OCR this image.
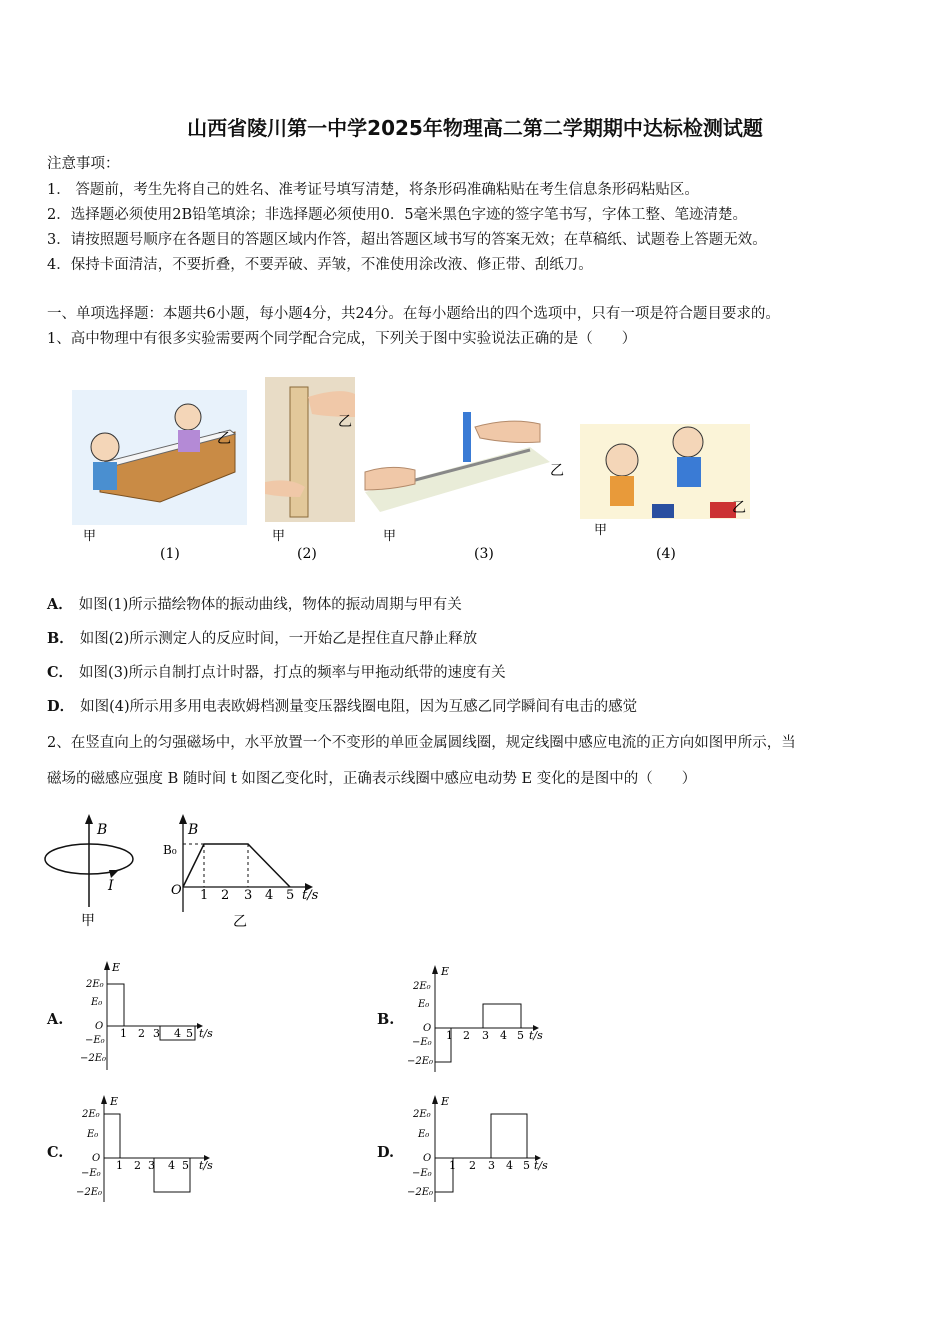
山西省陵川第一中学2025年物理高二第二学期期中达标检测试题
注意事项：
1． 答题前，考生先将自己的姓名、准考证号填写清楚，将条形码准确粘贴在考生信息条形码粘贴区。
2．选择题必须使用2B铅笔填涂；非选择题必须使用0．5毫米黑色字迹的签字笔书写，字体工整、笔迹清楚。
3．请按照题号顺序在各题目的答题区域内作答，超出答题区域书写的答案无效；在草稿纸、试题卷上答题无效。
4．保持卡面清洁，不要折叠，不要弄破、弄皱，不准使用涂改液、修正带、刮纸刀。
一、单项选择题：本题共6小题，每小题4分，共24分。在每小题给出的四个选项中，只有一项是符合题目要求的。
1、高中物理中有很多实验需要两个同学配合完成，下列关于图中实验说法正确的是（　　）
乙
甲
(1)
乙
甲
(2)
乙
甲
(3)
乙
甲
(4)
A． 如图(1)所示描绘物体的振动曲线，物体的振动周期与甲有关
B． 如图(2)所示测定人的反应时间，一开始乙是捏住直尺静止释放
C． 如图(3)所示自制打点计时器，打点的频率与甲拖动纸带的速度有关
D． 如图(4)所示用多用电表欧姆档测量变压器线圈电阻，因为互感乙同学瞬间有电击的感觉
2、在竖直向上的匀强磁场中，水平放置一个不变形的单匝金属圆线圈，规定线圈中感应电流的正方向如图甲所示，当
磁场的磁感应强度 B 随时间 t 如图乙变化时，正确表示线圈中感应电动势 E 变化的是图中的（　　）
B
I
甲
B
B₀
O 1 2 3 4 5 t/s
乙
A.
E
2E₀
E₀
O
−E₀
−2E₀
1 2 3 4 5 t/s
B.
E
2E₀
E₀
O
−E₀
−2E₀
1 2 3 4 5 t/s
C.
E
2E₀
E₀
O
−E₀
−2E₀
1 2 3 4 5 t/s
D.
E
2E₀
E₀
O
−E₀
−2E₀
1 2 3 4 5 t/s
